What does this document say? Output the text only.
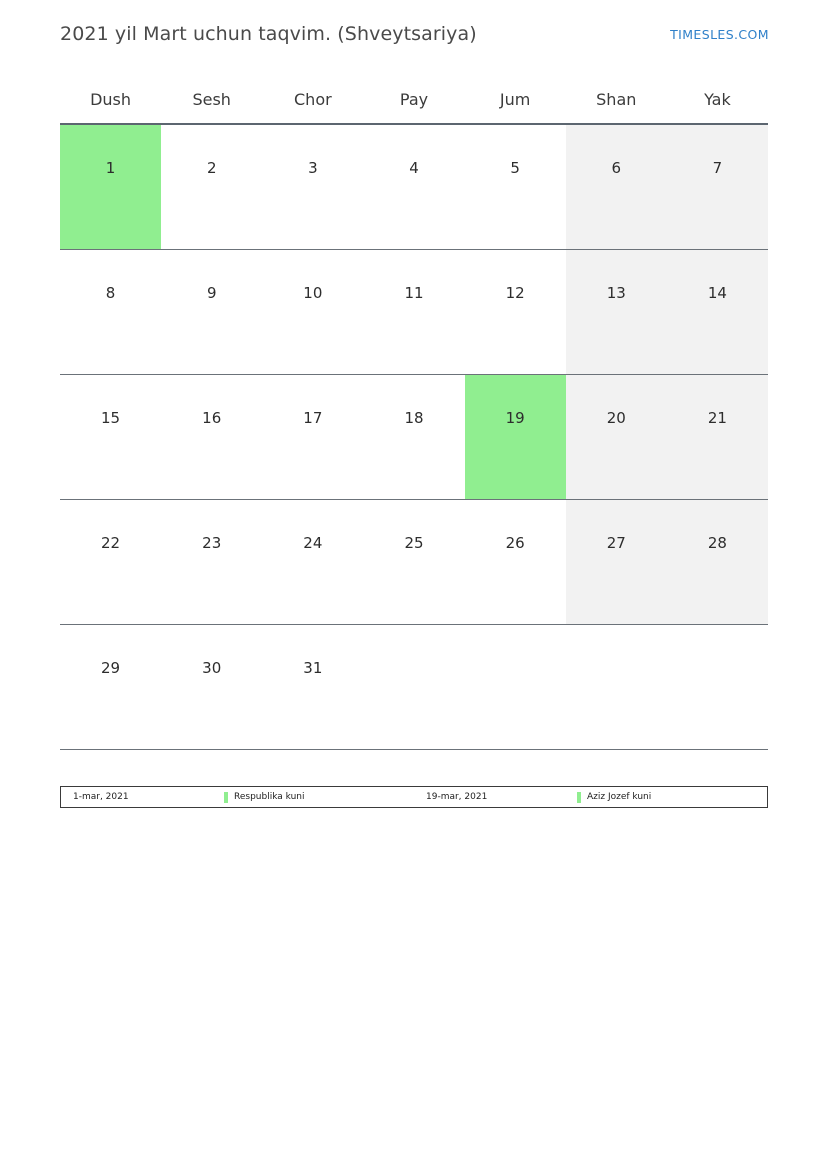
2021 yil Mart uchun taqvim. (Shveytsariya)	TIMESLES.COM
Dush	Sesh	Chor	Pay	Jum	Shan	Yak

1	2	3	4	5	6	7

8	9	10	11	12	13	14

15	16	17	18	19	20	21

22	23	24	25	26	27	28

29	30	31				

1-mar, 2021	Respublika kuni	19-mar, 2021	Aziz Jozef kuni
